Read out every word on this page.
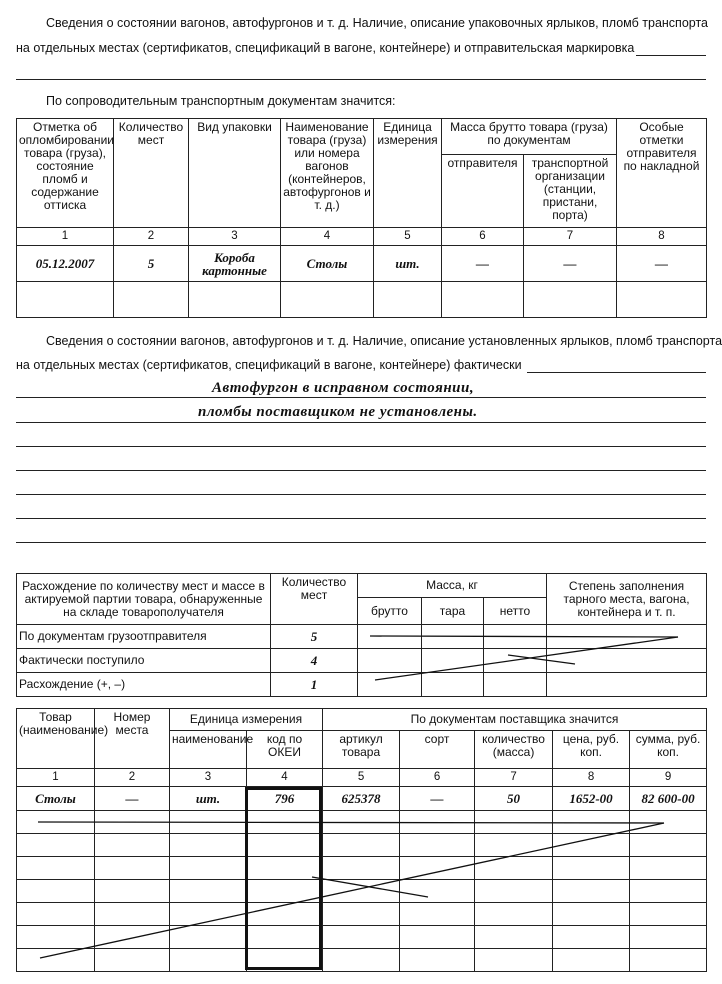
Сведения о состоянии вагонов, автофургонов и т. д. Наличие, описание упаковочных ярлыков, пломб транспорта
на отдельных местах (сертификатов, спецификаций в вагоне, контейнере) и отправительская маркировка
По сопроводительным транспортным документам значится:
Отметка об опломбировании товара (груза), состояние пломб и содержание оттиска	Количество мест	Вид упаковки	Наименование товара (груза) или номера вагонов (контейнеров, автофургонов и т. д.)	Единица измерения	Масса брутто товара (груза) по документам		Особые отметки отправителя по накладной
					отправителя	транспортной организации (станции, пристани, порта)	
1	2	3	4	5	6	7	8
05.12.2007	5	Короба картонные	Столы	шт.	—	—	—

Сведения о состоянии вагонов, автофургонов и т. д. Наличие, описание установленных ярлыков, пломб транспорта
на отдельных местах (сертификатов, спецификаций в вагоне, контейнере) фактически
Автофургон в исправном состоянии,
пломбы поставщиком не установлены.
Расхождение по количеству мест и массе в актируемой партии товара, обнаруженные на складе товарополучателя	Количество мест	Масса, кг			Степень заполнения тарного места, вагона, контейнера и т. п.
		брутто	тара	нетто	
По документам грузоотправителя	5				
Фактически поступило	4				
Расхождение (+, –)	1				
Товар (наименование)	Номер места	Единица измерения		По документам поставщика значится				
		наименование	код по ОКЕИ	артикул товара	сорт	количество (масса)	цена, руб. коп.	сумма, руб. коп.
1	2	3	4	5	6	7	8	9
Столы	—	шт.	796	625378	—	50	1652-00	82 600-00
